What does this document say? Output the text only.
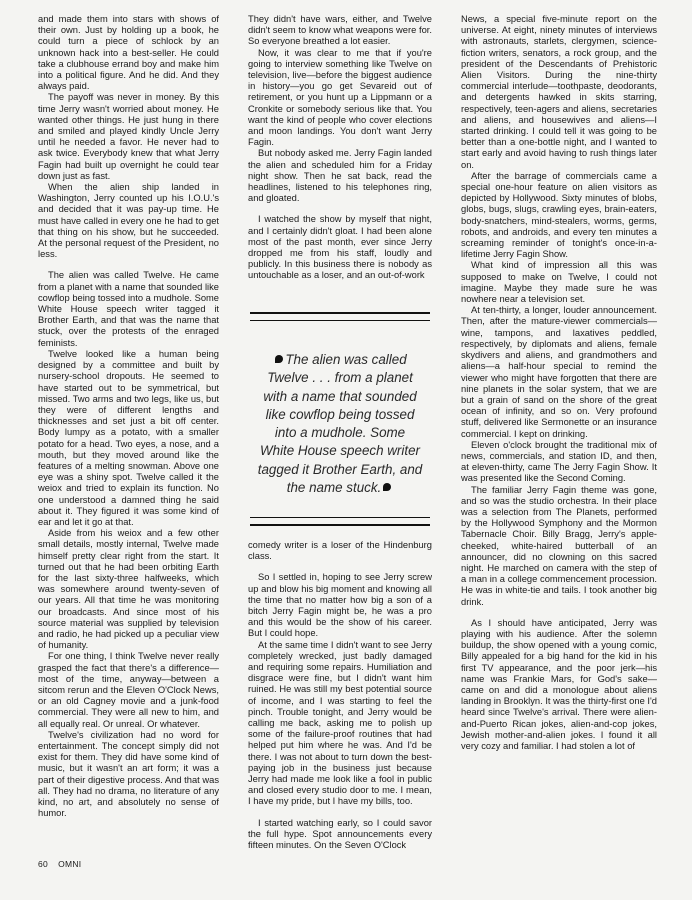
and made them into stars with shows of their own. Just by holding up a book, he could turn a piece of schlock by an unknown hack into a best-seller. He could take a clubhouse errand boy and make him into a political figure. And he did. And they always paid.

The payoff was never in money. By this time Jerry wasn't worried about money. He wanted other things. He just hung in there and smiled and played kindly Uncle Jerry until he needed a favor. He never had to ask twice. Everybody knew that what Jerry Fagin had built up overnight he could tear down just as fast.

When the alien ship landed in Washington, Jerry counted up his I.O.U.'s and decided that it was pay-up time. He must have called in every one he had to get that thing on his show, but he succeeded. At the personal request of the President, no less.

The alien was called Twelve. He came from a planet with a name that sounded like cowflop being tossed into a mudhole. Some White House speech writer tagged it Brother Earth, and that was the name that stuck, over the protests of the enraged feminists.

Twelve looked like a human being designed by a committee and built by nursery-school dropouts. He seemed to have started out to be symmetrical, but missed. Two arms and two legs, like us, but they were of different lengths and thicknesses and set just a bit off center. Body lumpy as a potato, with a smaller potato for a head. Two eyes, a nose, and a mouth, but they moved around like the features of a melting snowman. Above one eye was a shiny spot. Twelve called it the weiox and tried to explain its function. No one understood a damned thing he said about it. They figured it was some kind of ear and let it go at that.

Aside from his weiox and a few other small details, mostly internal, Twelve made himself pretty clear right from the start. It turned out that he had been orbiting Earth for the last sixty-three halfweeks, which was somewhere around twenty-seven of our years. All that time he was monitoring our broadcasts. And since most of his source material was supplied by television and radio, he had picked up a peculiar view of humanity.

For one thing, I think Twelve never really grasped the fact that there's a difference—most of the time, anyway—between a sitcom rerun and the Eleven O'Clock News, or an old Cagney movie and a junk-food commercial. They were all new to him, and all equally real. Or unreal. Or whatever.

Twelve's civilization had no word for entertainment. The concept simply did not exist for them. They did have some kind of music, but it wasn't an art form; it was a part of their digestive process. And that was all. They had no drama, no literature of any kind, no art, and absolutely no sense of humor.

They didn't have wars, either, and Twelve didn't seem to know what weapons were for. So everyone breathed a lot easier.

Now, it was clear to me that if you're going to interview something like Twelve on television, live—before the biggest audience in history—you go get Sevareid out of retirement, or you hunt up a Lippmann or a Cronkite or somebody serious like that. You want the kind of people who cover elections and moon landings. You don't want Jerry Fagin.

But nobody asked me. Jerry Fagin landed the alien and scheduled him for a Friday night show. Then he sat back, read the headlines, listened to his telephones ring, and gloated.

I watched the show by myself that night, and I certainly didn't gloat. I had been alone most of the past month, ever since Jerry dropped me from his staff, loudly and publicly. In this business there is nobody as untouchable as a loser, and an out-of-work

The alien was called Twelve . . . from a planet with a name that sounded like cowflop being tossed into a mudhole. Some White House speech writer tagged it Brother Earth, and the name stuck.

comedy writer is a loser of the Hindenburg class.

So I settled in, hoping to see Jerry screw up and blow his big moment and knowing all the time that no matter how big a son of a bitch Jerry Fagin might be, he was a pro and this would be the show of his career. But I could hope.

At the same time I didn't want to see Jerry completely wrecked, just badly damaged and requiring some repairs. Humiliation and disgrace were fine, but I didn't want him ruined. He was still my best potential source of income, and I was starting to feel the pinch. Trouble tonight, and Jerry would be calling me back, asking me to polish up some of the failure-proof routines that had helped put him where he was. And I'd be there. I was not about to turn down the best-paying job in the business just because Jerry had made me look like a fool in public and closed every studio door to me. I mean, I have my pride, but I have my bills, too.

I started watching early, so I could savor the full hype. Spot announcements every fifteen minutes. On the Seven O'Clock

News, a special five-minute report on the universe. At eight, ninety minutes of interviews with astronauts, starlets, clergymen, science-fiction writers, senators, a rock group, and the president of the Descendants of Prehistoric Alien Visitors. During the nine-thirty commercial interlude—toothpaste, deodorants, and detergents hawked in skits starring, respectively, teen-agers and aliens, secretaries and aliens, and housewives and aliens—I started drinking. I could tell it was going to be better than a one-bottle night, and I wanted to start early and avoid having to rush things later on.

After the barrage of commercials came a special one-hour feature on alien visitors as depicted by Hollywood. Sixty minutes of blobs, globs, bugs, slugs, crawling eyes, brain-eaters, body-snatchers, mind-stealers, worms, germs, robots, and androids, and every ten minutes a screaming reminder of tonight's once-in-a-lifetime Jerry Fagin Show.

What kind of impression all this was supposed to make on Twelve, I could not imagine. Maybe they made sure he was nowhere near a television set.

At ten-thirty, a longer, louder announcement. Then, after the mature-viewer commercials—wine, tampons, and laxatives peddled, respectively, by diplomats and aliens, female skydivers and aliens, and grandmothers and aliens—a half-hour special to remind the viewer who might have forgotten that there are nine planets in the solar system, that we are but a grain of sand on the shore of the great ocean of infinity, and so on. Very profound stuff, delivered like Sermonette or an insurance commercial. I kept on drinking.

Eleven o'clock brought the traditional mix of news, commercials, and station ID, and then, at eleven-thirty, came The Jerry Fagin Show. It was presented like the Second Coming.

The familiar Jerry Fagin theme was gone, and so was the studio orchestra. In their place was a selection from The Planets, performed by the Hollywood Symphony and the Mormon Tabernacle Choir. Billy Bragg, Jerry's apple-cheeked, white-haired butterball of an announcer, did no clowning on this sacred night. He marched on camera with the step of a man in a college commencement procession. He was in white-tie and tails. I took another big drink.

As I should have anticipated, Jerry was playing with his audience. After the solemn buildup, the show opened with a young comic, Billy appealed for a big hand for the kid in his first TV appearance, and the poor jerk—his name was Frankie Mars, for God's sake—came on and did a monologue about aliens landing in Brooklyn. It was the thirty-first one I'd heard since Twelve's arrival. There were alien-and-Puerto Rican jokes, alien-and-cop jokes, Jewish mother-and-alien jokes. I found it all very cozy and familiar. I had stolen a lot of

60 OMNI
